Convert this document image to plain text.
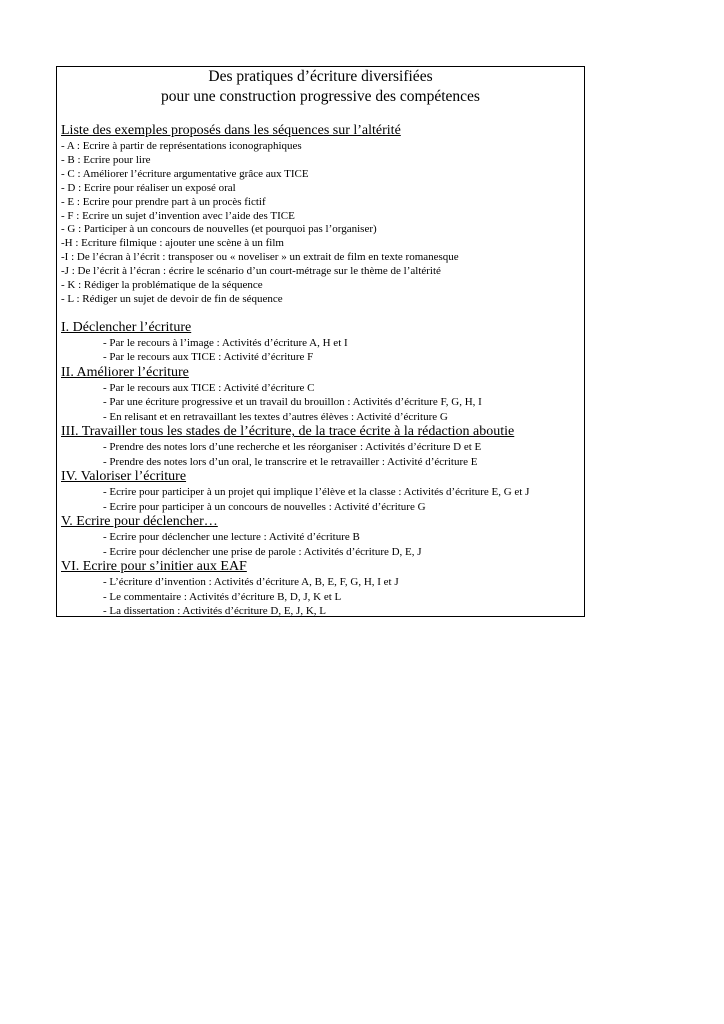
Des pratiques d’écriture diversifiées
pour une construction progressive des compétences
Liste des exemples proposés dans les séquences sur l’altérité
- A : Ecrire à partir de représentations iconographiques
- B : Ecrire pour lire
- C : Améliorer l’écriture argumentative grâce aux TICE
- D : Ecrire pour réaliser un exposé oral
- E : Ecrire pour prendre part à un procès fictif
- F : Ecrire un sujet d’invention avec l’aide des TICE
- G : Participer à un concours de nouvelles (et pourquoi pas l’organiser)
-H : Ecriture filmique : ajouter une scène à un film
-I : De l’écran à l’écrit : transposer ou « noveliser » un extrait de film en texte romanesque
-J : De l’écrit à l’écran : écrire le scénario d’un court-métrage sur le thème de l’altérité
- K : Rédiger la problématique de la séquence
- L : Rédiger un sujet de devoir de fin de séquence
I. Déclencher l’écriture
- Par le recours à l’image : Activités d’écriture A, H et I
- Par le recours aux TICE : Activité d’écriture F
II. Améliorer l’écriture
- Par le recours aux TICE : Activité d’écriture C
- Par une écriture progressive et un travail du brouillon : Activités d’écriture F, G, H, I
- En relisant et en retravaillant les textes d’autres élèves : Activité d’écriture G
III. Travailler tous les stades de l’écriture, de la trace écrite à la rédaction aboutie
- Prendre des notes lors d’une recherche et les réorganiser : Activités d’écriture D et E
- Prendre des notes lors d’un oral, le transcrire et le retravailler : Activité d’écriture E
IV. Valoriser l’écriture
- Ecrire pour participer à un projet qui implique l’élève et la classe : Activités d’écriture E, G et J
- Ecrire pour participer à un concours de nouvelles : Activité d’écriture G
V. Ecrire pour déclencher…
- Ecrire pour déclencher une lecture : Activité d’écriture B
- Ecrire pour déclencher une prise de parole : Activités d’écriture D, E, J
VI. Ecrire pour s’initier aux EAF
- L’écriture d’invention : Activités d’écriture A, B, E, F, G, H, I et J
- Le commentaire : Activités d’écriture B, D, J, K et L
- La dissertation : Activités d’écriture D, E, J, K, L
